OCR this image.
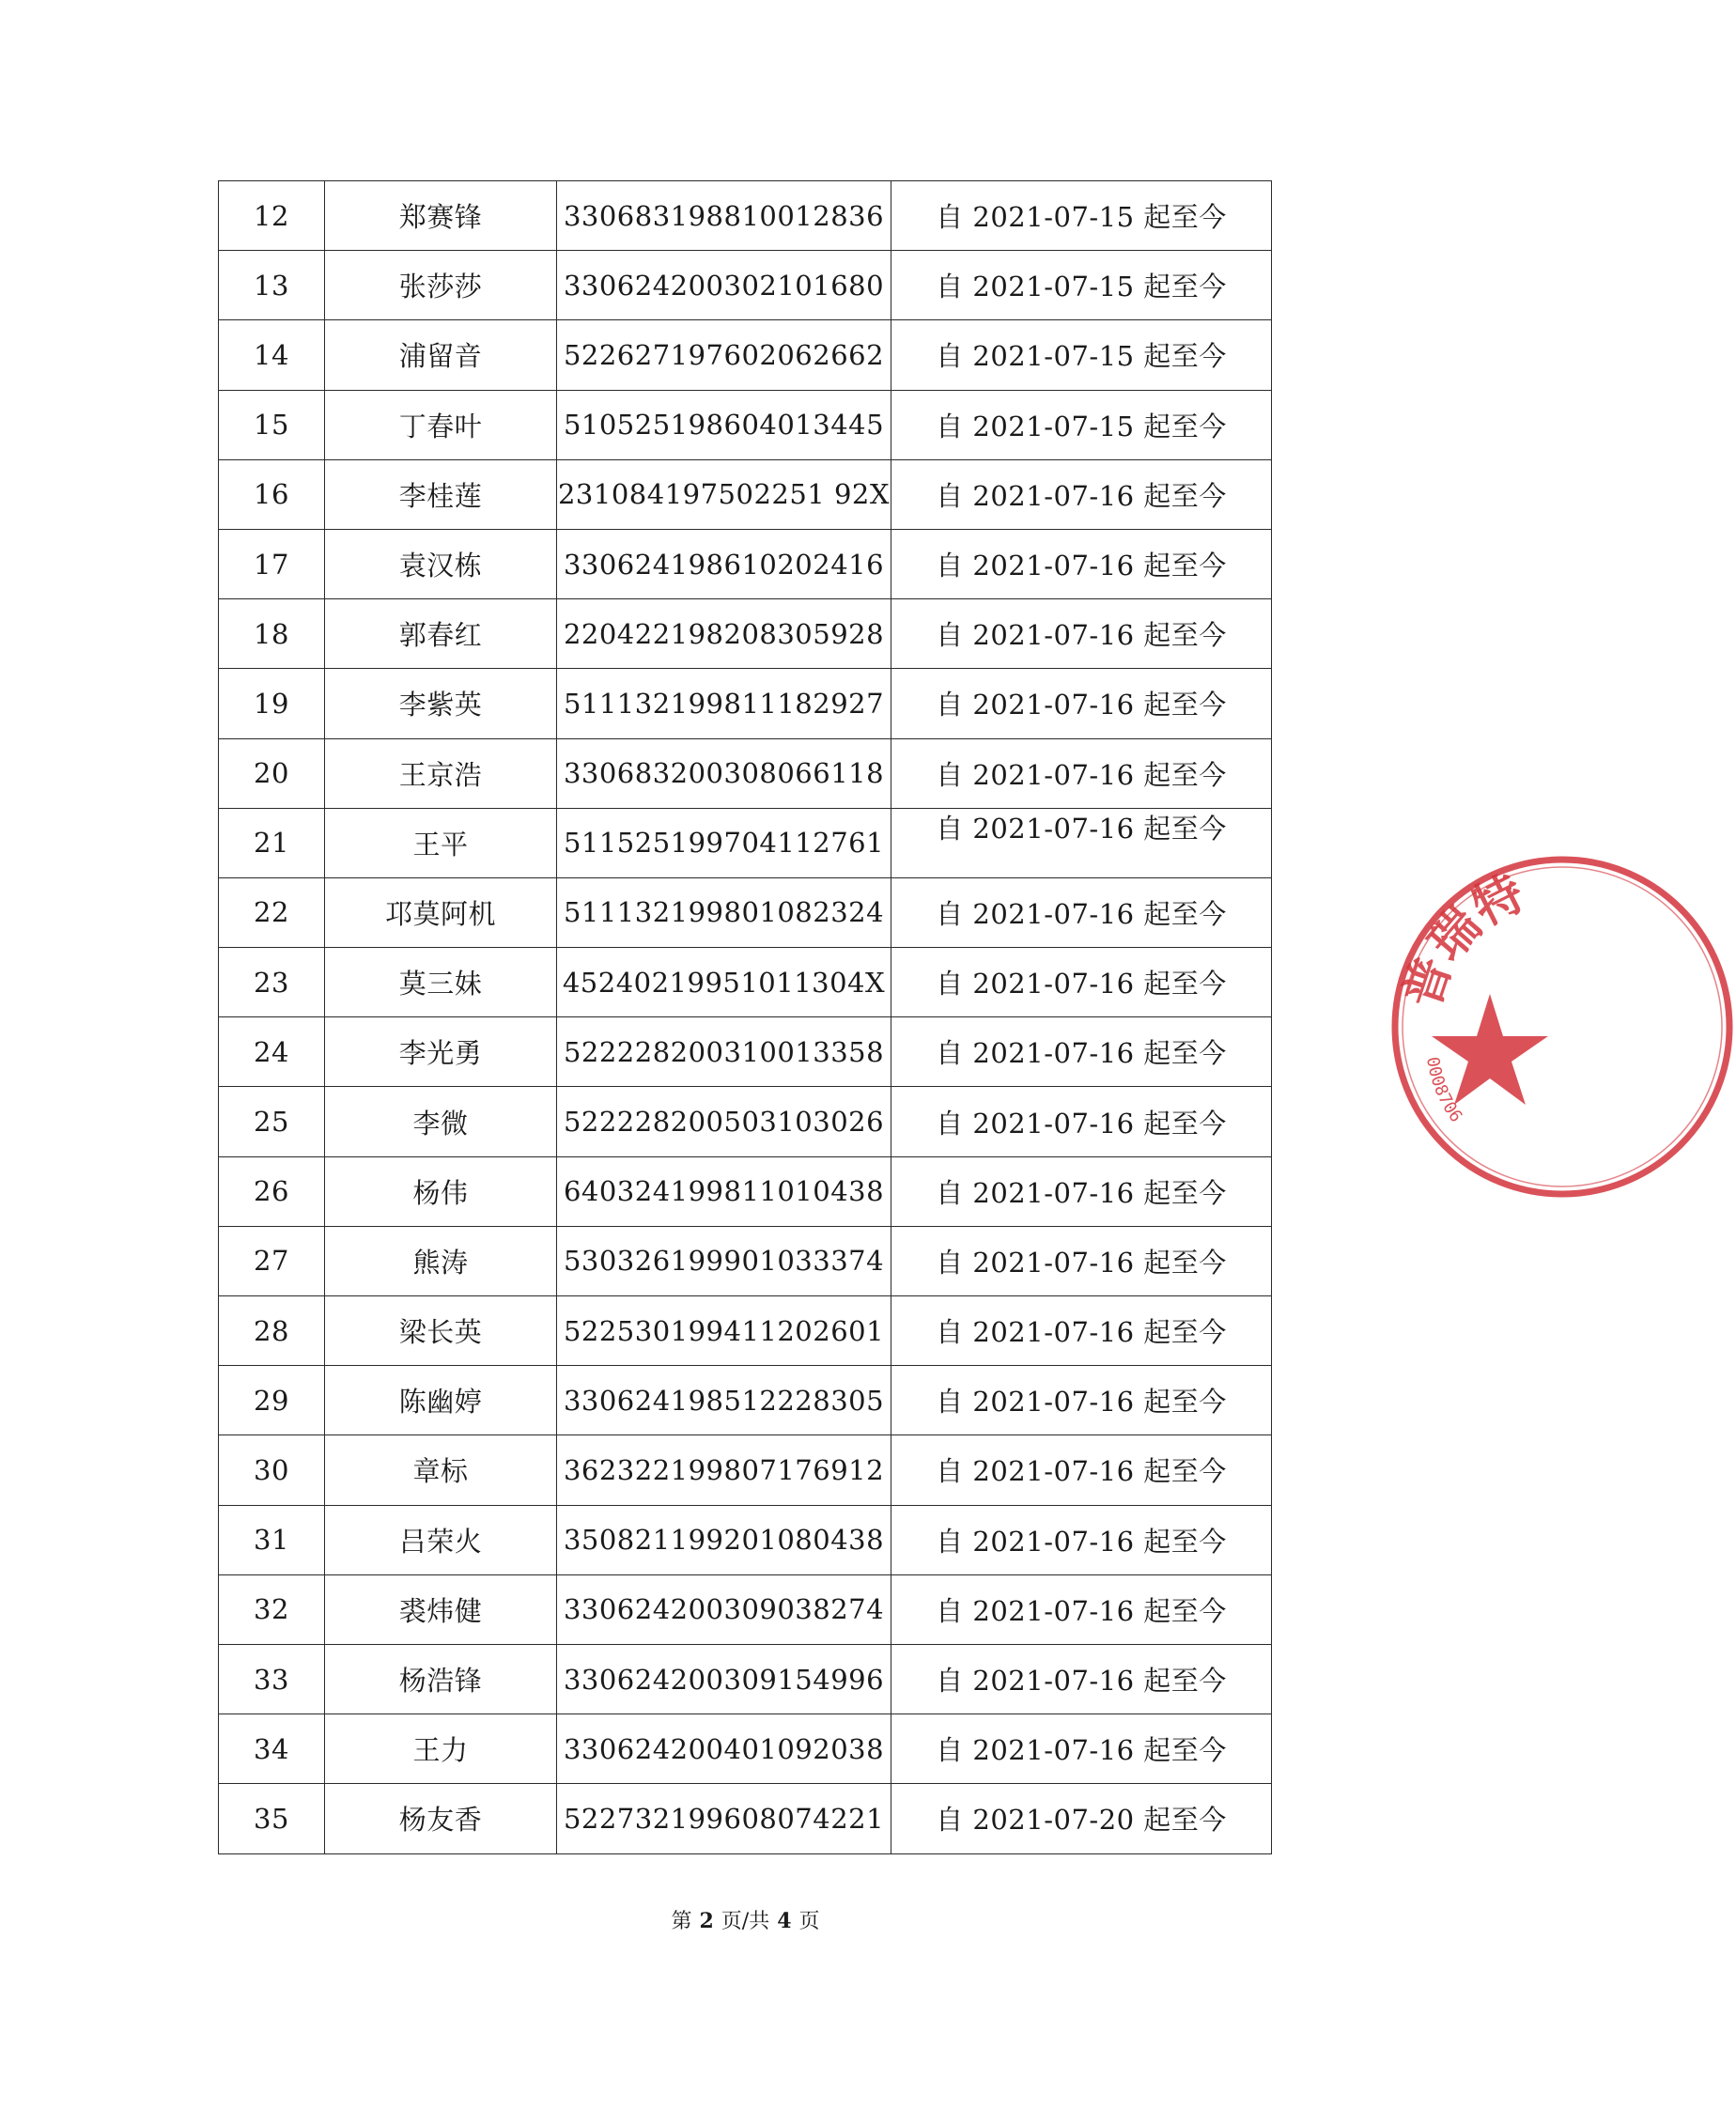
12	郑赛锋	330683198810012836	自 2021-07-15 起至今
13	张莎莎	330624200302101680	自 2021-07-15 起至今
14	浦留音	522627197602062662	自 2021-07-15 起至今
15	丁春叶	510525198604013445	自 2021-07-15 起至今
16	李桂莲	231084197502251 92X	自 2021-07-16 起至今
17	袁汉栋	330624198610202416	自 2021-07-16 起至今
18	郭春红	220422198208305928	自 2021-07-16 起至今
19	李紫英	511132199811182927	自 2021-07-16 起至今
20	王京浩	330683200308066118	自 2021-07-16 起至今
21	王平	511525199704112761	自 2021-07-16 起至今
22	邛莫阿机	511132199801082324	自 2021-07-16 起至今
23	莫三妹	45240219951011304X	自 2021-07-16 起至今
24	李光勇	522228200310013358	自 2021-07-16 起至今
25	李微	522228200503103026	自 2021-07-16 起至今
26	杨伟	640324199811010438	自 2021-07-16 起至今
27	熊涛	530326199901033374	自 2021-07-16 起至今
28	梁长英	522530199411202601	自 2021-07-16 起至今
29	陈幽婷	330624198512228305	自 2021-07-16 起至今
30	章标	362322199807176912	自 2021-07-16 起至今
31	吕荣火	350821199201080438	自 2021-07-16 起至今
32	裘炜健	330624200309038274	自 2021-07-16 起至今
33	杨浩锋	330624200309154996	自 2021-07-16 起至今
34	王力	330624200401092038	自 2021-07-16 起至今
35	杨友香	522732199608074221	自 2021-07-20 起至今
第 2 页/共 4 页
普瑞特
0008706
